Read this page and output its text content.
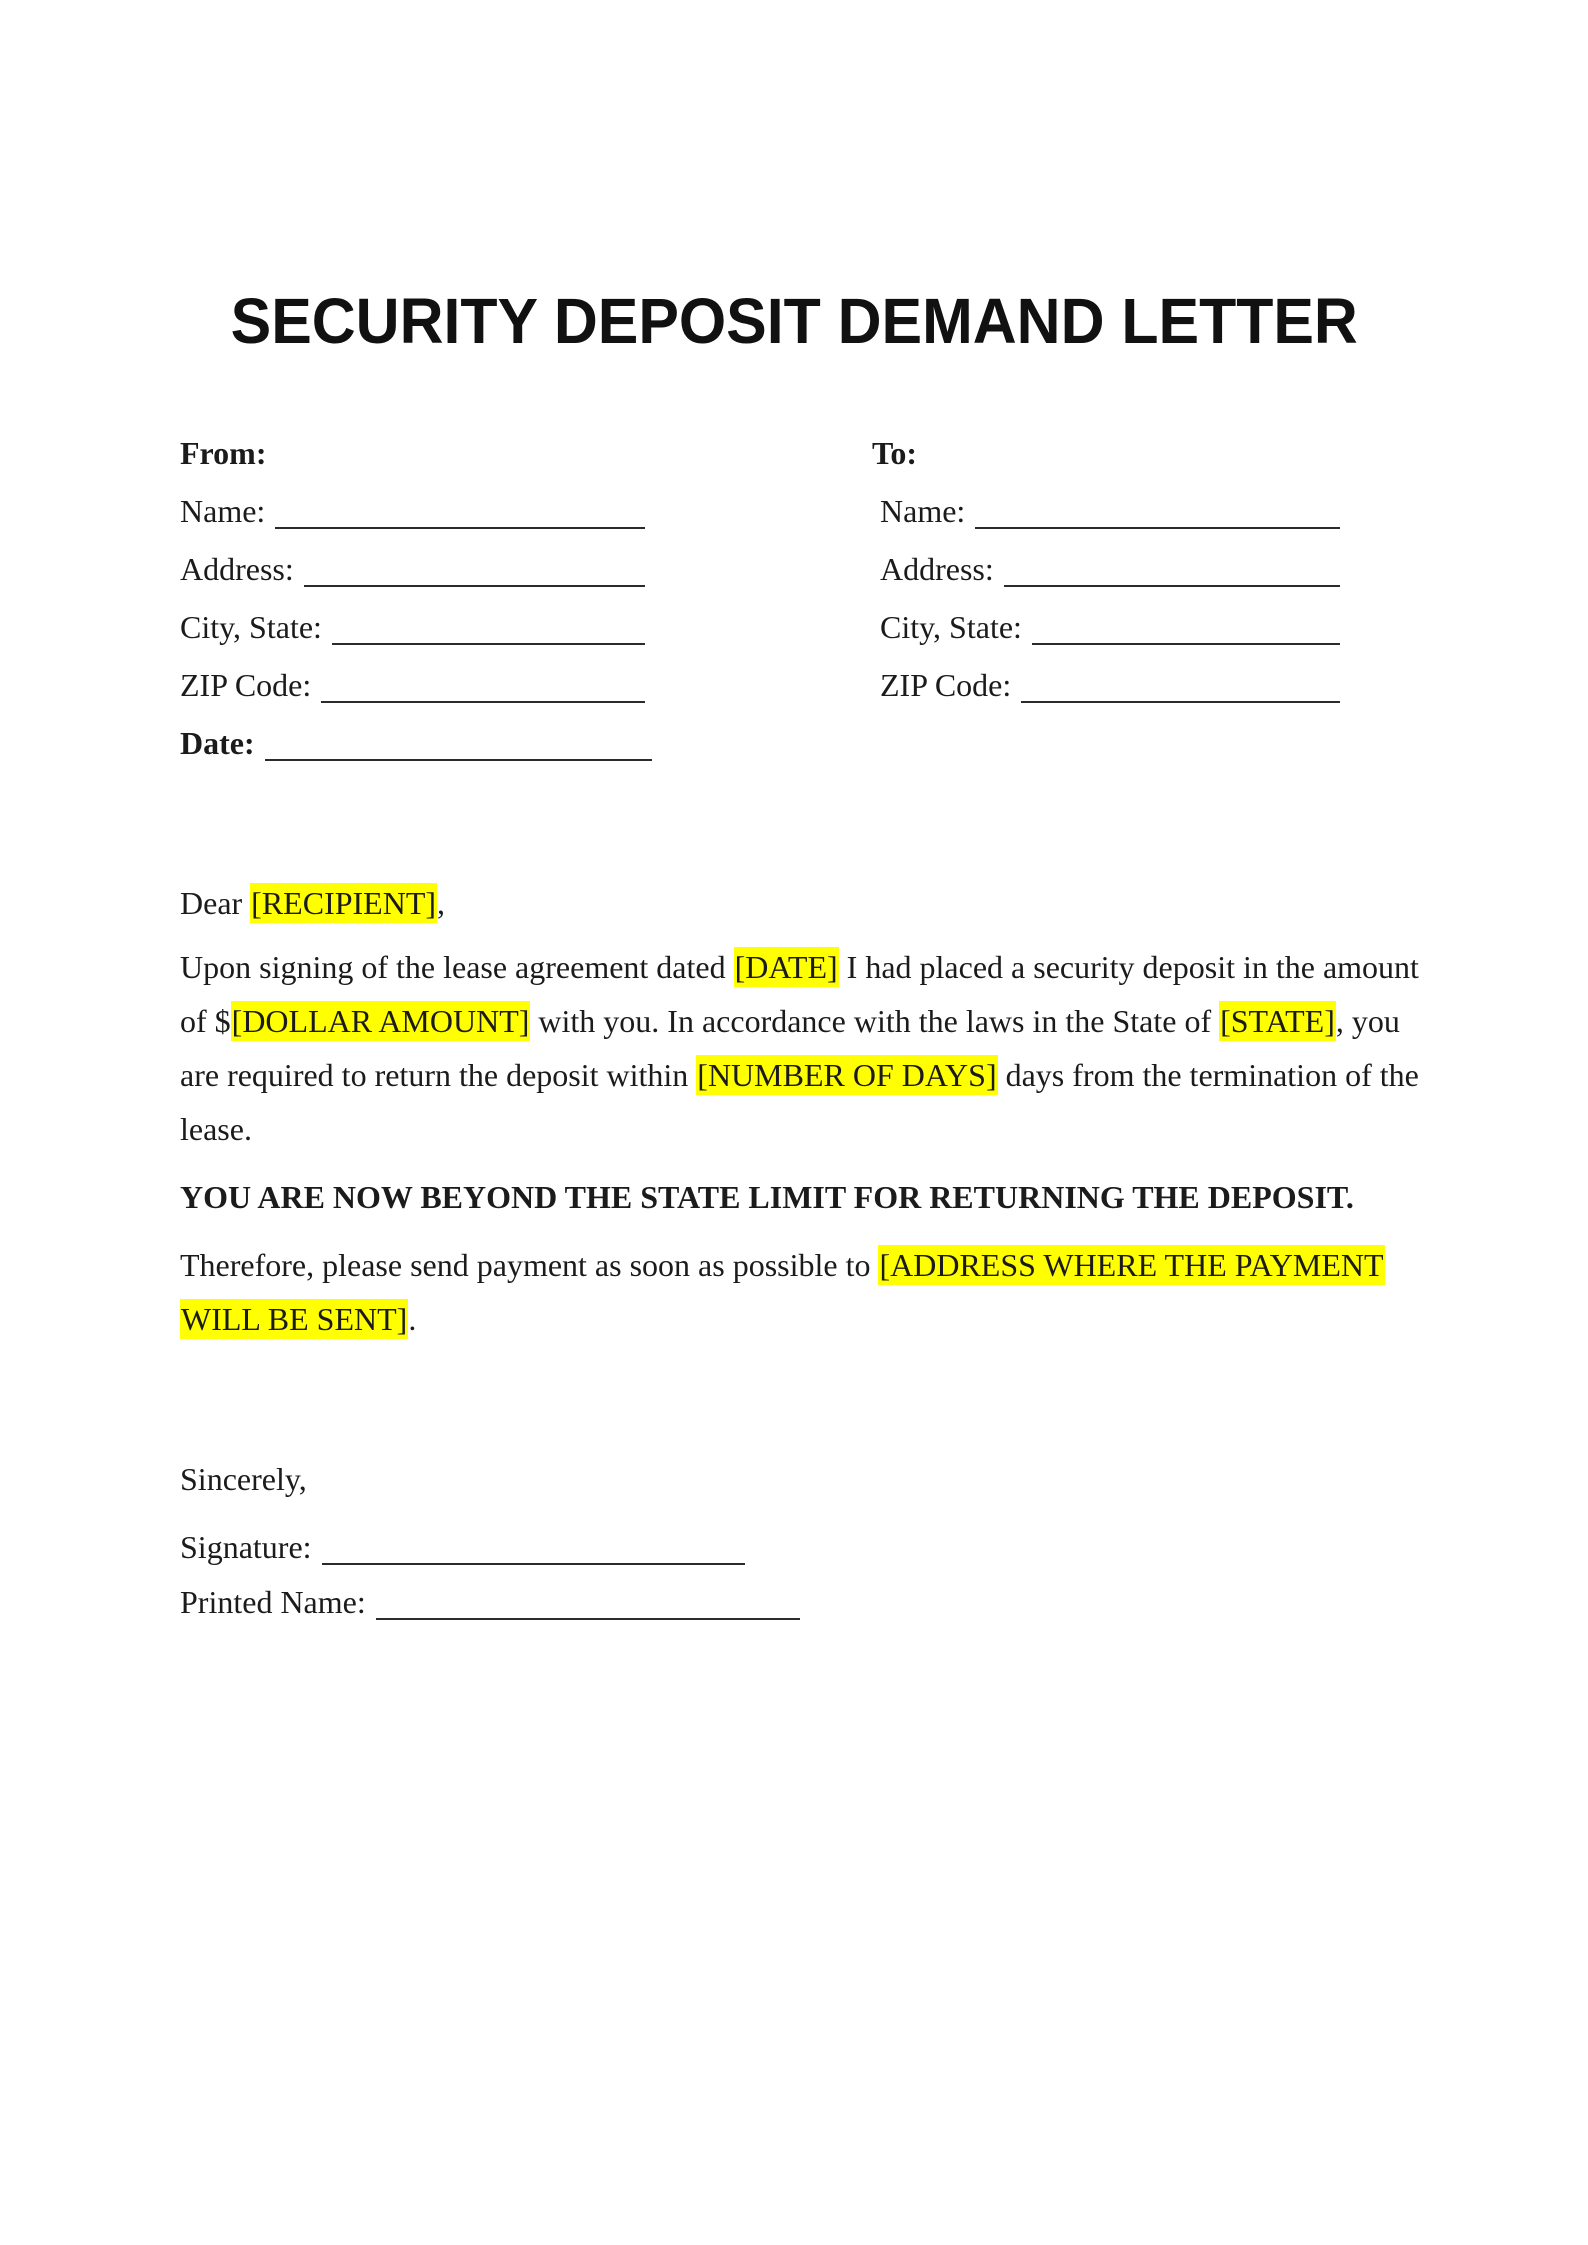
SECURITY DEPOSIT DEMAND LETTER
From:
Name:
Address:
City, State:
ZIP Code:
Date:
To:
Name:
Address:
City, State:
ZIP Code:

Dear [RECIPIENT],

Upon signing of the lease agreement dated [DATE] I had placed a security deposit in the amount
of $[DOLLAR AMOUNT] with you. In accordance with the laws in the State of [STATE], you
are required to return the deposit within [NUMBER OF DAYS] days from the termination of the
lease.

YOU ARE NOW BEYOND THE STATE LIMIT FOR RETURNING THE DEPOSIT.

Therefore, please send payment as soon as possible to [ADDRESS WHERE THE PAYMENT
WILL BE SENT].

Sincerely,

Signature:
Printed Name:
